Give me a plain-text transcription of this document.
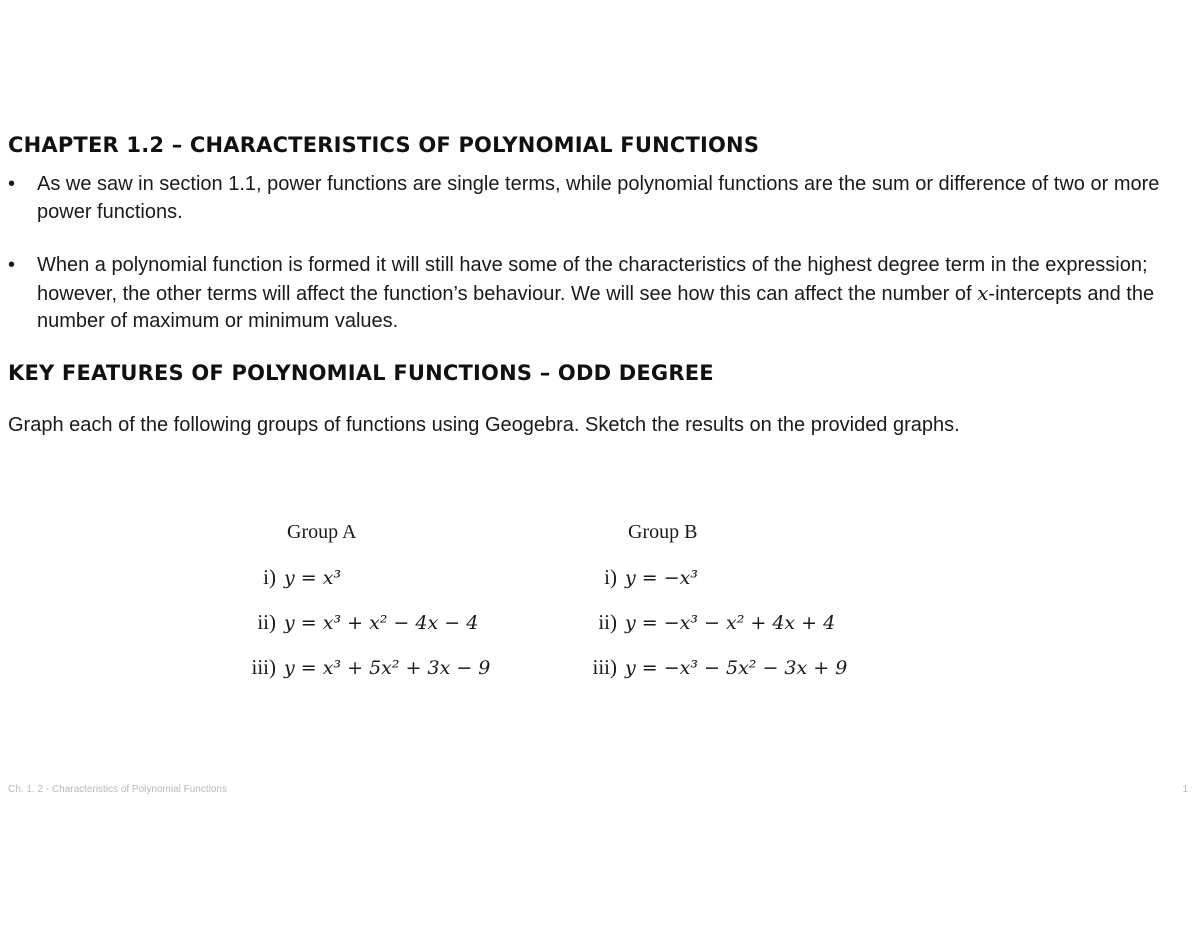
CHAPTER 1.2 – CHARACTERISTICS OF POLYNOMIAL FUNCTIONS
• As we saw in section 1.1, power functions are single terms, while polynomial functions are the sum or difference of two or more power functions.
• When a polynomial function is formed it will still have some of the characteristics of the highest degree term in the expression; however, the other terms will affect the function’s behaviour. We will see how this can affect the number of x-intercepts and the number of maximum or minimum values.
KEY FEATURES OF POLYNOMIAL FUNCTIONS – ODD DEGREE

Graph each of the following groups of functions using Geogebra. Sketch the results on the provided graphs.

Group A
i) y = x³
ii) y = x³ + x² − 4x − 4
iii) y = x³ + 5x² + 3x − 9
Group B
i) y = −x³
ii) y = −x³ − x² + 4x + 4
iii) y = −x³ − 5x² − 3x + 9
Ch. 1. 2 - Characteristics of Polynomial Functions	1
